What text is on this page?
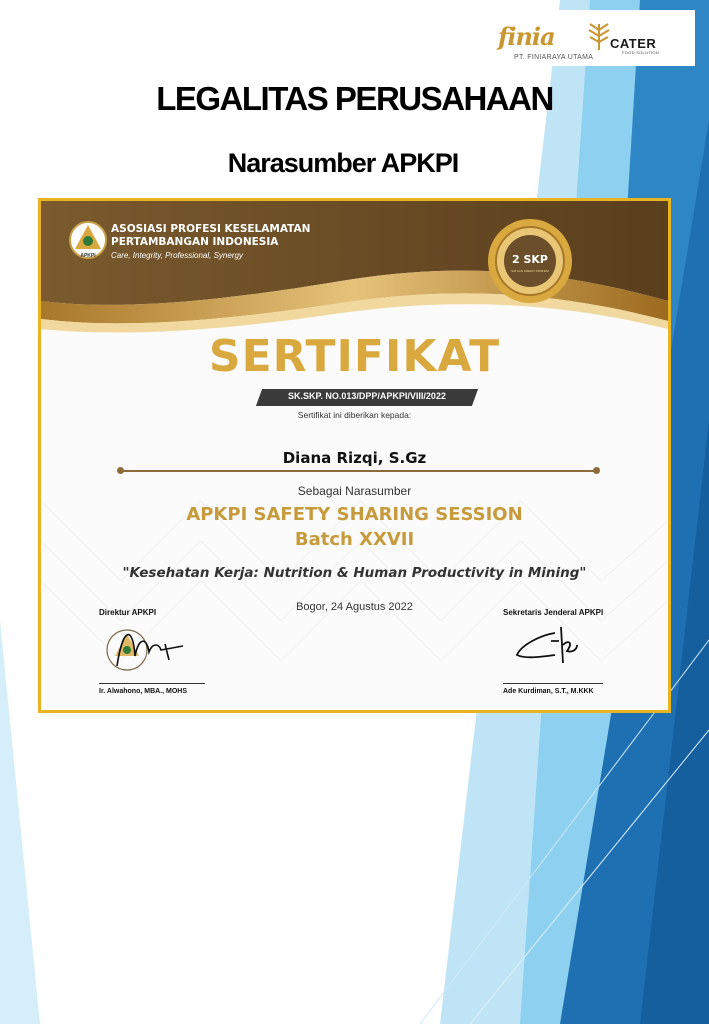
finia	CATER
FOOD SOLUTION
PT. FINIARAYA UTAMA
LEGALITAS PERUSAHAAN
Narasumber APKPI
APKPI
ASOSIASI PROFESI KESELAMATAN
PERTAMBANGAN INDONESIA
Care, Integrity, Professional, Synergy	2 SKP
SATUAN KREDIT PROFESI
SERTIFIKAT
SK.SKP. NO.013/DPP/APKPI/VIII/2022
Sertifikat ini diberikan kepada:
Diana Rizqi, S.Gz
Sebagai Narasumber
APKPI SAFETY SHARING SESSION
Batch XXVII
"Kesehatan Kerja: Nutrition & Human Productivity in Mining"
Bogor, 24 Agustus 2022
Direktur APKPI
Ir. Alwahono, MBA., MOHS
Sekretaris Jenderal APKPI
Ade Kurdiman, S.T., M.KKK
